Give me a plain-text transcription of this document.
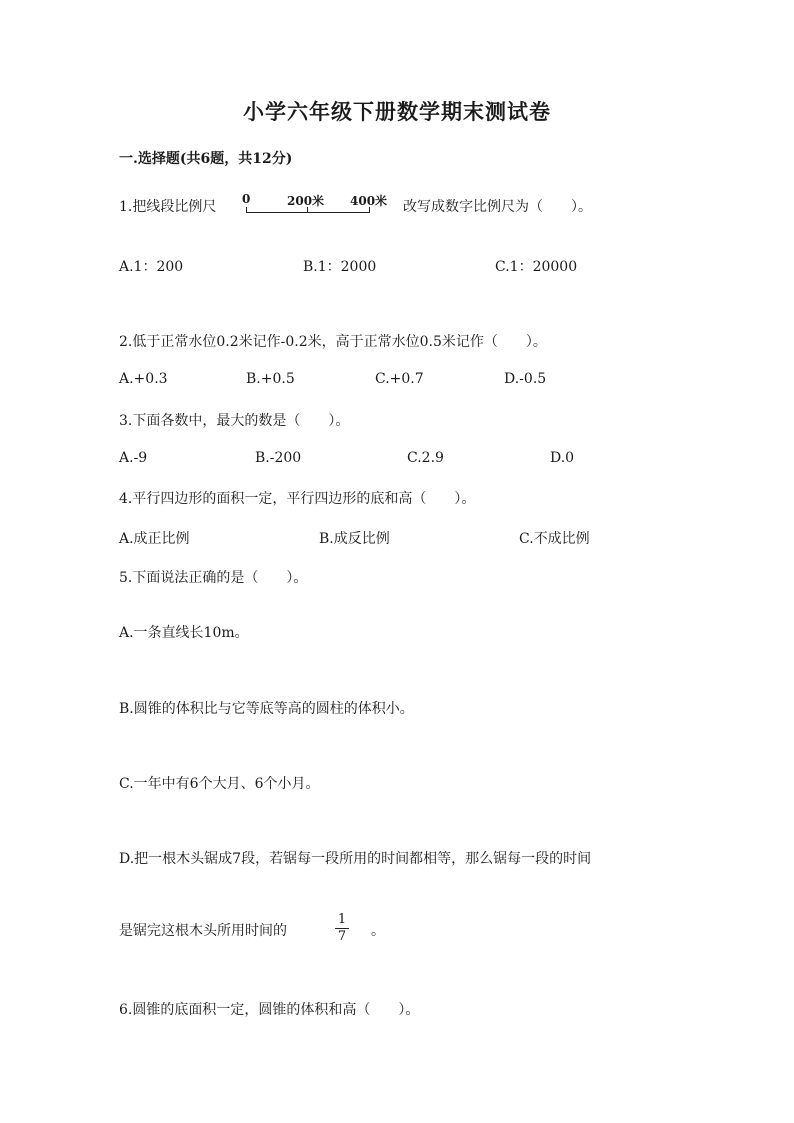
小学六年级下册数学期末测试卷
一.选择题(共6题，共12分)
1.把线段比例尺 0	200米 400米 改写成数字比例尺为（　　）。
A.1：200	B.1：2000	C.1：20000
2.低于正常水位0.2米记作-0.2米，高于正常水位0.5米记作（　　）。
A.+0.3	B.+0.5	C.+0.7	D.-0.5
3.下面各数中，最大的数是（　　）。
A.-9	B.-200	C.2.9	D.0
4.平行四边形的面积一定，平行四边形的底和高（　　）。
A.成正比例	B.成反比例	C.不成比例
5.下面说法正确的是（　　）。
A.一条直线长10m。
B.圆锥的体积比与它等底等高的圆柱的体积小。
C.一年中有6个大月、6个小月。
D.把一根木头锯成7段，若锯每一段所用的时间都相等，那么锯每一段的时间
是锯完这根木头所用时间的
1
7 。
6.圆锥的底面积一定，圆锥的体积和高（　　）。
